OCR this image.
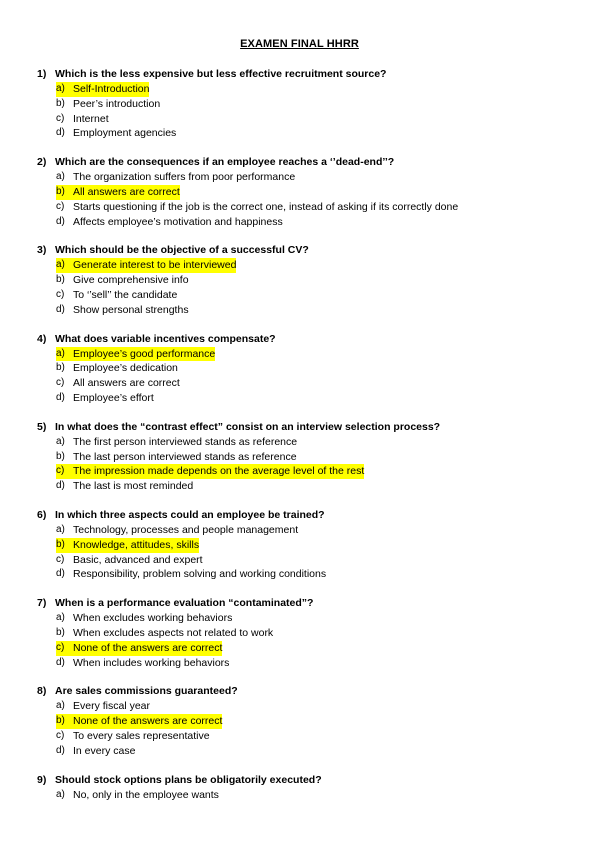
EXAMEN FINAL HHRR
1) Which is the less expensive but less effective recruitment source?
a) Self-Introduction
b) Peer’s introduction
c) Internet
d) Employment agencies
2) Which are the consequences if an employee reaches a ‘’dead-end’’?
a) The organization suffers from poor performance
b) All answers are correct
c) Starts questioning if the job is the correct one, instead of asking if its correctly done
d) Affects employee’s motivation and happiness
3) Which should be the objective of a successful CV?
a) Generate interest to be interviewed
b) Give comprehensive info
c) To ‘’sell’’ the candidate
d) Show personal strengths
4) What does variable incentives compensate?
a) Employee’s good performance
b) Employee’s dedication
c) All answers are correct
d) Employee’s effort
5) In what does the “contrast effect” consist on an interview selection process?
a) The first person interviewed stands as reference
b) The last person interviewed stands as reference
c) The impression made depends on the average level of the rest
d) The last is most reminded
6) In which three aspects could an employee be trained?
a) Technology, processes and people management
b) Knowledge, attitudes, skills
c) Basic, advanced and expert
d) Responsibility, problem solving and working conditions
7) When is a performance evaluation “contaminated”?
a) When excludes working behaviors
b) When excludes aspects not related to work
c) None of the answers are correct
d) When includes working behaviors
8) Are sales commissions guaranteed?
a) Every fiscal year
b) None of the answers are correct
c) To every sales representative
d) In every case
9) Should stock options plans be obligatorily executed?
a) No, only in the employee wants
